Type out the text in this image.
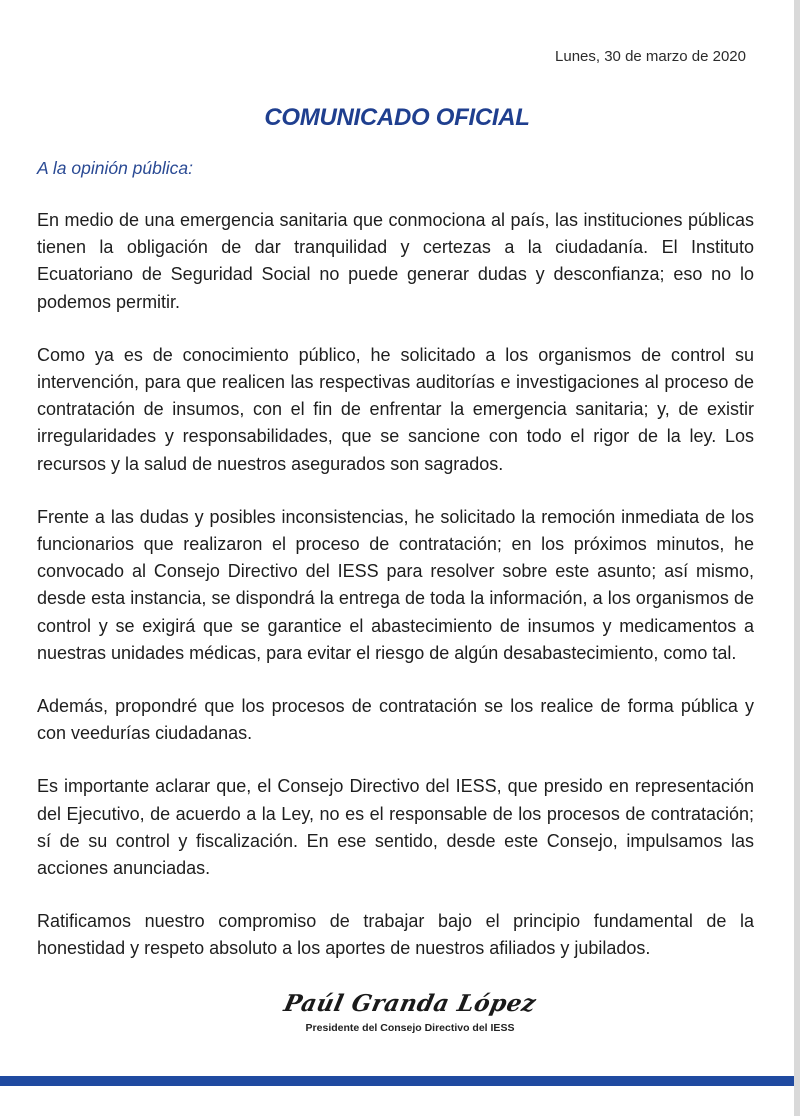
Lunes, 30 de marzo de 2020
COMUNICADO OFICIAL
A la opinión pública:

En medio de una emergencia sanitaria que conmociona al país, las instituciones públicas tienen la obligación de dar tranquilidad y certezas a la ciudadanía. El Instituto Ecuatoriano de Seguridad Social no puede generar dudas y desconfianza; eso no lo podemos permitir.

Como ya es de conocimiento público, he solicitado a los organismos de control su intervención, para que realicen las respectivas auditorías e investigaciones al proceso de contratación de insumos, con el fin de enfrentar la emergencia sanitaria; y, de existir irregularidades y responsabilidades, que se sancione con todo el rigor de la ley. Los recursos y la salud de nuestros asegurados son sagrados.

Frente a las dudas y posibles inconsistencias, he solicitado la remoción inmediata de los funcionarios que realizaron el proceso de contratación; en los próximos minutos, he convocado al Consejo Directivo del IESS para resolver sobre este asunto; así mismo, desde esta instancia, se dispondrá la entrega de toda la información, a los organismos de control y se exigirá que se garantice el abastecimiento de insumos y medicamentos a nuestras unidades médicas, para evitar el riesgo de algún desabastecimiento, como tal.

Además, propondré que los procesos de contratación se los realice de forma pública y con veedurías ciudadanas.

Es importante aclarar que, el Consejo Directivo del IESS, que presido en representación del Ejecutivo, de acuerdo a la Ley, no es el responsable de los procesos de contratación; sí de su control y fiscalización. En ese sentido, desde este Consejo, impulsamos las acciones anunciadas.

Ratificamos nuestro compromiso de trabajar bajo el principio fundamental de la honestidad y respeto absoluto a los aportes de nuestros afiliados y jubilados.

Paúl Granda López
Presidente del Consejo Directivo del IESS
